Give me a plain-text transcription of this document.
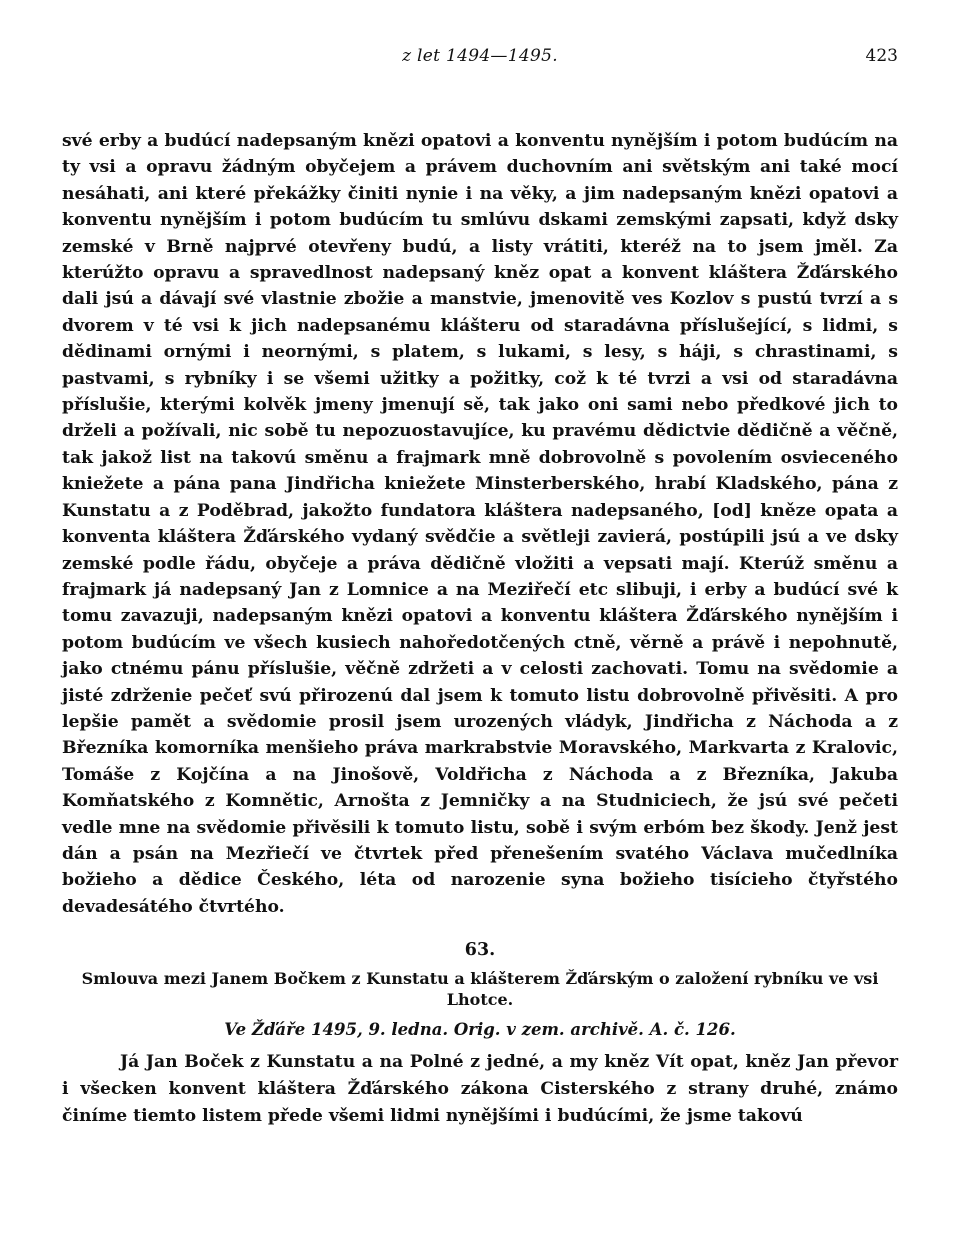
z let 1494—1495.	423

své erby a budúcí nadepsaným knězi opatovi a konventu nynějším i potom budúcím na ty vsi a opravu žádným obyčejem a právem duchovním ani světským ani také mocí nesáhati, ani které překážky činiti nynie i na věky, a jim nadepsaným knězi opatovi a konventu nynějším i potom budúcím tu smlúvu dskami zemskými zapsati, když dsky zemské v Brně najprvé otevřeny budú, a listy vrátiti, kteréž na to jsem jměl. Za kterúžto opravu a spravedlnost nadepsaný kněz opat a konvent kláštera Žďárského dali jsú a dávají své vlastnie zbožie a manstvie, jmenovitě ves Kozlov s pustú tvrzí a s dvorem v té vsi k jich nadepsanému klášteru od staradávna příslušející, s lidmi, s dědinami ornými i neornými, s platem, s lukami, s lesy, s háji, s chrastinami, s pastvami, s rybníky i se všemi užitky a požitky, což k té tvrzi a vsi od staradávna příslušie, kterými kolvěk jmeny jmenují sě, tak jako oni sami nebo předkové jich to drželi a požívali, nic sobě tu nepozuostavujíce, ku pravému dědictvie dědičně a věčně, tak jakož list na takovú směnu a frajmark mně dobrovolně s povolením osvieceného kniežete a pána pana Jindřicha kniežete Minsterberského, hrabí Kladského, pána z Kunstatu a z Poděbrad, jakožto fundatora kláštera nadepsaného, [od] kněze opata a konventa kláštera Žďárského vydaný svědčie a světleji zavierá, postúpili jsú a ve dsky zemské podle řádu, obyčeje a práva dědičně vložiti a vepsati mají. Kterúž směnu a frajmark já nadepsaný Jan z Lomnice a na Meziřečí etc slibuji, i erby a budúcí své k tomu zavazuji, nadepsaným knězi opatovi a konventu kláštera Žďárského nynějším i potom budúcím ve všech kusiech nahoředotčených ctně, věrně a právě i nepohnutě, jako ctnému pánu příslušie, věčně zdržeti a v celosti zachovati. Tomu na svědomie a jisté zdrženie pečeť svú přirozenú dal jsem k tomuto listu dobrovolně přivěsiti. A pro lepšie pamět a svědomie prosil jsem urozených vládyk, Jindřicha z Náchoda a z Březníka komorníka menšieho práva markrabstvie Moravského, Markvarta z Kralovic, Tomáše z Kojčína a na Jinošově, Voldřicha z Náchoda a z Březníka, Jakuba Komňatského z Komnětic, Arnošta z Jemničky a na Studniciech, že jsú své pečeti vedle mne na svědomie přivěsili k tomuto listu, sobě i svým erbóm bez škody. Jenž jest dán a psán na Mezřiečí ve čtvrtek před přenešením svatého Václava mučedlníka božieho a dědice Českého, léta od narozenie syna božieho tisícieho čtyřstého devadesátého čtvrtého.

63.
Smlouva mezi Janem Bočkem z Kunstatu a klášterem Žďárským o založení rybníku ve vsi Lhotce.
Ve Žďáře 1495, 9. ledna. Orig. v zem. archivě. A. č. 126.

Já Jan Boček z Kunstatu a na Polné z jedné, a my kněz Vít opat, kněz Jan převor i všecken konvent kláštera Žďárského zákona Cisterského z strany druhé, známo činíme tiemto listem přede všemi lidmi nynějšími i budúcími, že jsme takovú
